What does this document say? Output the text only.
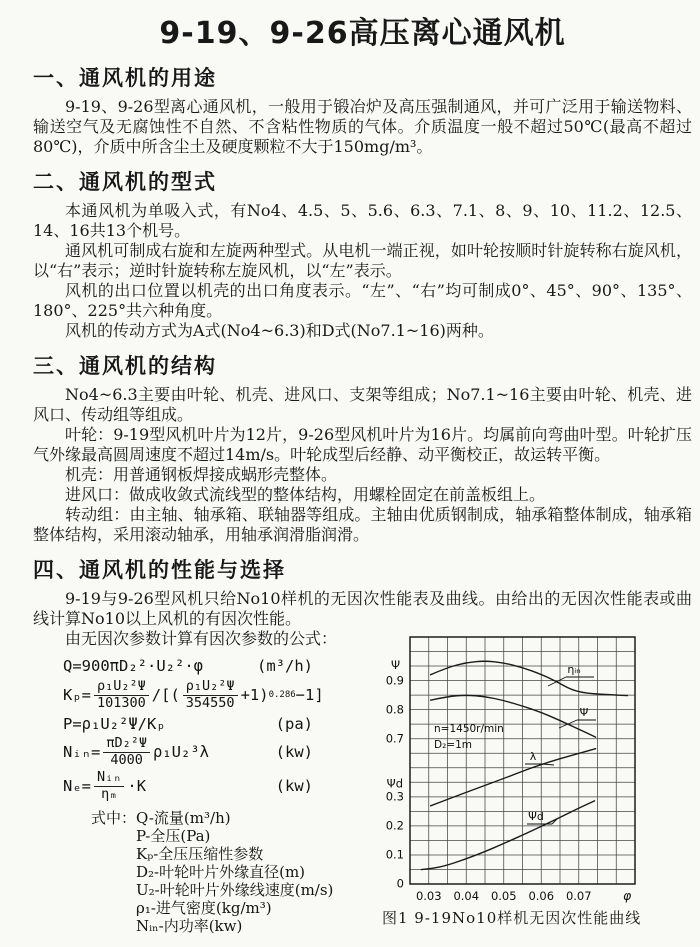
9-19、9-26高压离心通风机
一、通风机的用途

9-19、9-26型离心通风机，一般用于锻冶炉及高压强制通风，并可广泛用于输送物料、输送空气及无腐蚀性不自然、不含粘性物质的气体。介质温度一般不超过50℃(最高不超过80℃)，介质中所含尘土及硬度颗粒不大于150mg/m³。

二、通风机的型式

本通风机为单吸入式，有No4、4.5、5、5.6、6.3、7.1、8、9、10、11.2、12.5、14、16共13个机号。

通风机可制成右旋和左旋两种型式。从电机一端正视，如叶轮按顺时针旋转称右旋风机，以“右”表示；逆时针旋转称左旋风机，以“左”表示。

风机的出口位置以机壳的出口角度表示。“左”、“右”均可制成0°、45°、90°、135°、180°、225°共六种角度。

风机的传动方式为A式(No4~6.3)和D式(No7.1~16)两种。

三、通风机的结构

No4~6.3主要由叶轮、机壳、进风口、支架等组成；No7.1~16主要由叶轮、机壳、进风口、传动组等组成。

叶轮：9-19型风机叶片为12片，9-26型风机叶片为16片。均属前向弯曲叶型。叶轮扩压气外缘最高圆周速度不超过14m/s。叶轮成型后经静、动平衡校正，故运转平衡。

机壳：用普通钢板焊接成蜗形壳整体。

进风口：做成收敛式流线型的整体结构，用螺栓固定在前盖板组上。

转动组：由主轴、轴承箱、联轴器等组成。主轴由优质钢制成，轴承箱整体制成，轴承箱整体结构，采用滚动轴承，用轴承润滑脂润滑。

四、通风机的性能与选择

9-19与9-26型风机只给No10样机的无因次性能表及曲线。由给出的无因次性能表或曲线计算No10以上风机的有因次性能。

由无因次参数计算有因次参数的公式：

Q=900πD₂²·U₂²·φ	(m³/h)
$K_p= \frac{\text{ρ₁U₂²Ψ}}{101300}$ /[( $\frac{\text{ρ₁U₂²Ψ}}{354550} +1$) 0.286 −1]
P=ρ₁U₂²Ψ/Kₚ	(pa)
Nᵢₙ= $\frac{\text{πD₂²Ψ}}{4000} \rho_1U_2^3\lambda$	(kw)
$N_e= \frac{\text{Nᵢₙ}}{\text{ηₘ}} \cdot K$	(kw)
式中： Q-流量(m³/h)
P-全压(Pa)
Kₚ-全压压缩性参数
D₂-叶轮叶片外缘直径(m)
U₂-叶轮叶片外缘线速度(m/s)
ρ₁-进气密度(kg/m³)
Nᵢₙ-内功率(kw)
ηᵢₙ
Ψ
λ
Ψd
n=1450r/min
D₂=1m
Ψ
0.9
0.8
0.7
Ψd
0.3
0.2
0.1
0
0.03 0.04 0.05 0.06 0.07	φ
图1 9-19No10样机无因次性能曲线
